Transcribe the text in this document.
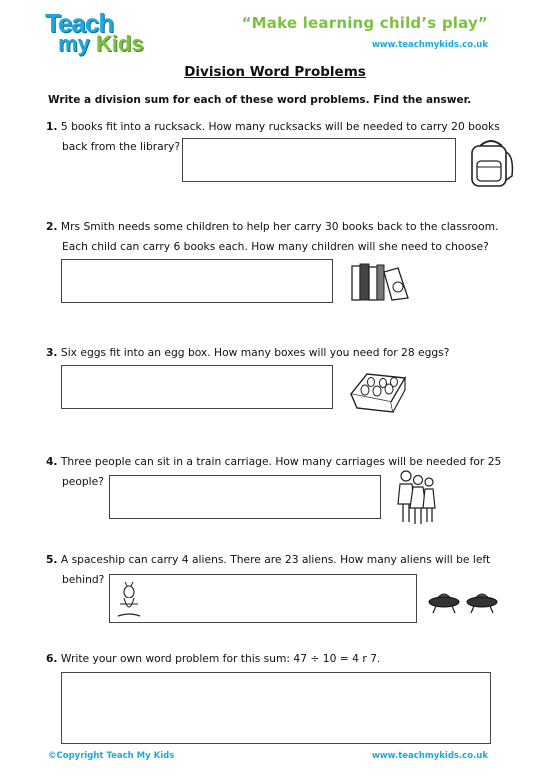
Teach
my Kids
“Make learning child’s play”
www.teachmykids.co.uk
Division Word Problems
Write a division sum for each of these word problems. Find the answer.
1. 5 books fit into a rucksack. How many rucksacks will be needed to carry 20 books
back from the library?
2. Mrs Smith needs some children to help her carry 30 books back to the classroom.
Each child can carry 6 books each. How many children will she need to choose?
3. Six eggs fit into an egg box. How many boxes will you need for 28 eggs?
4. Three people can sit in a train carriage. How many carriages will be needed for 25
people?
5. A spaceship can carry 4 aliens. There are 23 aliens. How many aliens will be left
behind?
6. Write your own word problem for this sum: 47 ÷ 10 = 4 r 7.
©Copyright Teach My Kids	www.teachmykids.co.uk
